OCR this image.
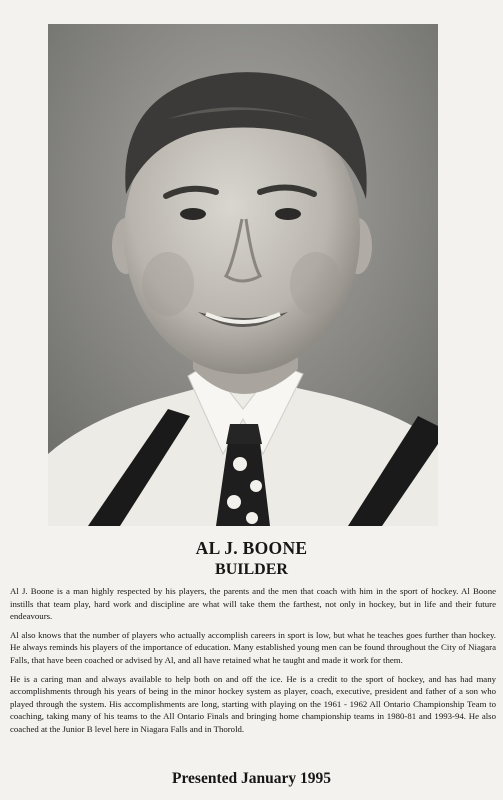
AL J. BOONE
BUILDER

Al J. Boone is a man highly respected by his players, the parents and the men that coach with him in the sport of hockey. Al Boone instills that team play, hard work and discipline are what will take them the farthest, not only in hockey, but in life and their future endeavours.

Al also knows that the number of players who actually accomplish careers in sport is low, but what he teaches goes further than hockey. He always reminds his players of the importance of education. Many established young men can be found throughout the City of Niagara Falls, that have been coached or advised by Al, and all have retained what he taught and made it work for them.

He is a caring man and always available to help both on and off the ice. He is a credit to the sport of hockey, and has had many accomplishments through his years of being in the minor hockey system as player, coach, executive, president and father of a son who played through the system. His accomplishments are long, starting with playing on the 1961 - 1962 All Ontario Championship Team to coaching, taking many of his teams to the All Ontario Finals and bringing home championship teams in 1980-81 and 1993-94. He also coached at the Junior B level here in Niagara Falls and in Thorold.

Presented January 1995
